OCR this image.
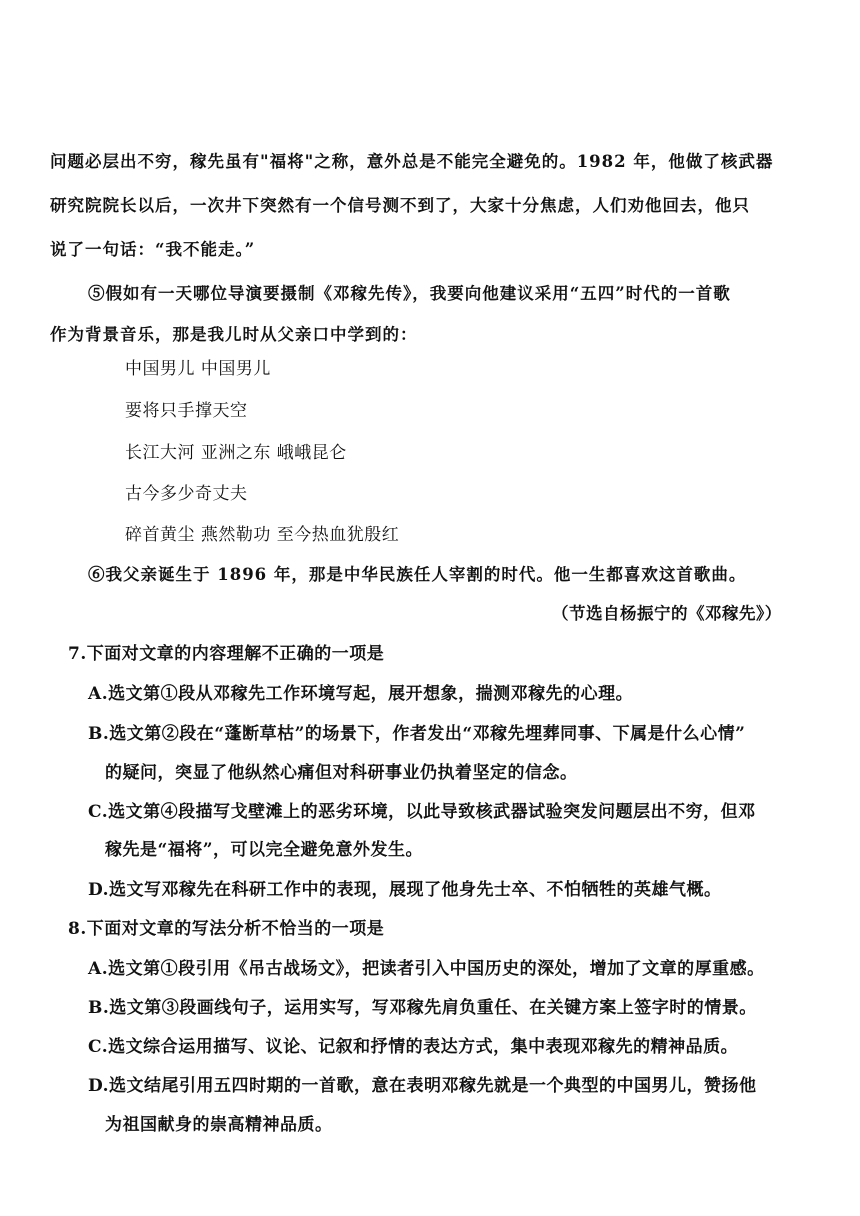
问题必层出不穷，稼先虽有"福将"之称，意外总是不能完全避免的。1982 年，他做了核武器
研究院院长以后，一次井下突然有一个信号测不到了，大家十分焦虑，人们劝他回去，他只
说了一句话：“我不能走。”
⑤假如有一天哪位导演要摄制《邓稼先传》，我要向他建议采用“五四”时代的一首歌
作为背景音乐，那是我儿时从父亲口中学到的：
中国男儿 中国男儿
要将只手撑天空
长江大河 亚洲之东 峨峨昆仑
古今多少奇丈夫
碎首黄尘 燕然勒功 至今热血犹殷红
⑥我父亲诞生于 1896 年，那是中华民族任人宰割的时代。他一生都喜欢这首歌曲。
（节选自杨振宁的《邓稼先》）
7.下面对文章的内容理解不正确的一项是
A.选文第①段从邓稼先工作环境写起，展开想象，揣测邓稼先的心理。
B.选文第②段在“蓬断草枯”的场景下，作者发出“邓稼先埋葬同事、下属是什么心情”
的疑问，突显了他纵然心痛但对科研事业仍执着坚定的信念。
C.选文第④段描写戈壁滩上的恶劣环境，以此导致核武器试验突发问题层出不穷，但邓
稼先是“福将”，可以完全避免意外发生。
D.选文写邓稼先在科研工作中的表现，展现了他身先士卒、不怕牺牲的英雄气概。
8.下面对文章的写法分析不恰当的一项是
A.选文第①段引用《吊古战场文》，把读者引入中国历史的深处，增加了文章的厚重感。
B.选文第③段画线句子，运用实写，写邓稼先肩负重任、在关键方案上签字时的情景。
C.选文综合运用描写、议论、记叙和抒情的表达方式，集中表现邓稼先的精神品质。
D.选文结尾引用五四时期的一首歌，意在表明邓稼先就是一个典型的中国男儿，赞扬他
为祖国献身的崇高精神品质。
